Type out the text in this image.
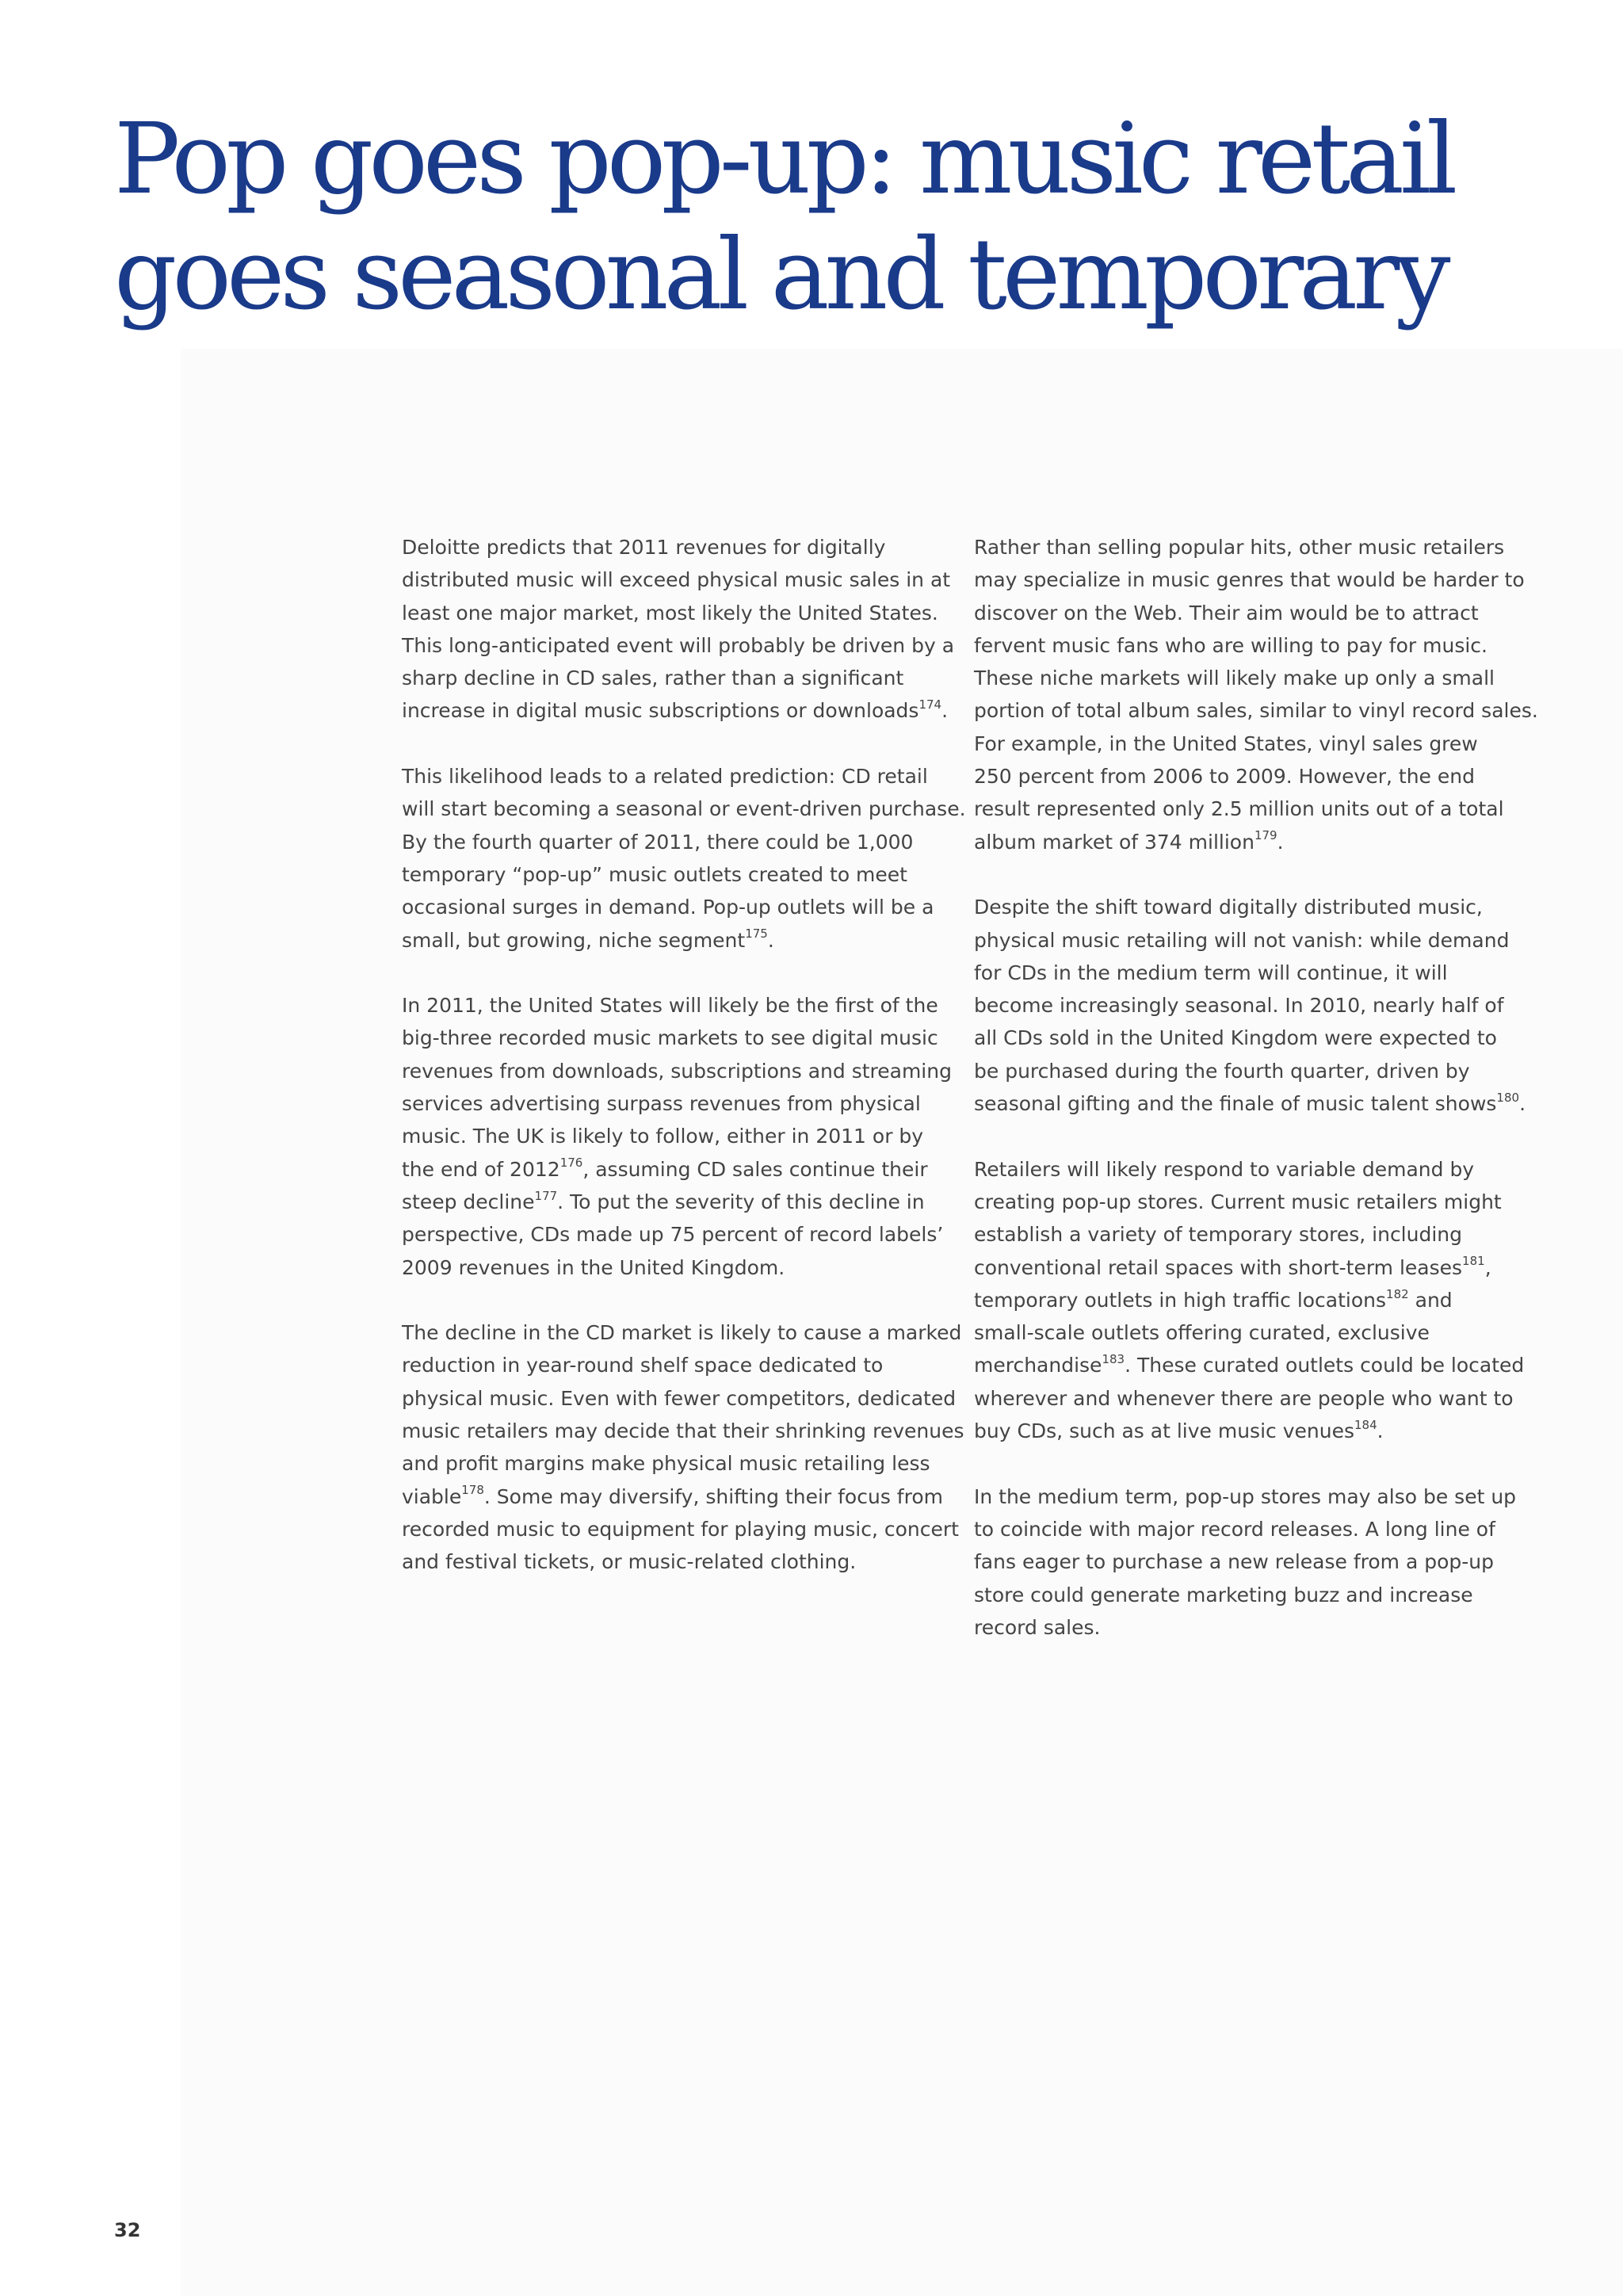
Pop goes pop-up: music retail
goes seasonal and temporary

Deloitte predicts that 2011 revenues for digitally
distributed music will exceed physical music sales in at
least one major market, most likely the United States.
This long-anticipated event will probably be driven by a
sharp decline in CD sales, rather than a significant
increase in digital music subscriptions or downloads$^{174}$.

This likelihood leads to a related prediction: CD retail
will start becoming a seasonal or event-driven purchase.
By the fourth quarter of 2011, there could be 1,000
temporary “pop-up” music outlets created to meet
occasional surges in demand. Pop-up outlets will be a
small, but growing, niche segment$^{175}$.

In 2011, the United States will likely be the first of the
big-three recorded music markets to see digital music
revenues from downloads, subscriptions and streaming
services advertising surpass revenues from physical
music. The UK is likely to follow, either in 2011 or by
the end of 2012$^{176}$, assuming CD sales continue their
steep decline$^{177}$. To put the severity of this decline in
perspective, CDs made up 75 percent of record labels’
2009 revenues in the United Kingdom.

The decline in the CD market is likely to cause a marked
reduction in year-round shelf space dedicated to
physical music. Even with fewer competitors, dedicated
music retailers may decide that their shrinking revenues
and profit margins make physical music retailing less
viable$^{178}$. Some may diversify, shifting their focus from
recorded music to equipment for playing music, concert
and festival tickets, or music-related clothing.

Rather than selling popular hits, other music retailers
may specialize in music genres that would be harder to
discover on the Web. Their aim would be to attract
fervent music fans who are willing to pay for music.
These niche markets will likely make up only a small
portion of total album sales, similar to vinyl record sales.
For example, in the United States, vinyl sales grew
250 percent from 2006 to 2009. However, the end
result represented only 2.5 million units out of a total
album market of 374 million$^{179}$.

Despite the shift toward digitally distributed music,
physical music retailing will not vanish: while demand
for CDs in the medium term will continue, it will
become increasingly seasonal. In 2010, nearly half of
all CDs sold in the United Kingdom were expected to
be purchased during the fourth quarter, driven by
seasonal gifting and the finale of music talent shows$^{180}$.

Retailers will likely respond to variable demand by
creating pop-up stores. Current music retailers might
establish a variety of temporary stores, including
conventional retail spaces with short-term leases$^{181}$,
temporary outlets in high traffic locations$^{182}$ and
small-scale outlets offering curated, exclusive
merchandise$^{183}$. These curated outlets could be located
wherever and whenever there are people who want to
buy CDs, such as at live music venues$^{184}$.

In the medium term, pop-up stores may also be set up
to coincide with major record releases. A long line of
fans eager to purchase a new release from a pop-up
store could generate marketing buzz and increase
record sales.

32
